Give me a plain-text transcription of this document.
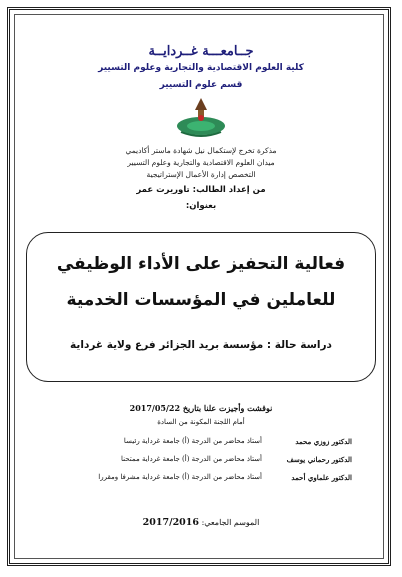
جــامعـــة غــردايــة
كلية العلوم الاقتصادية والتجارية وعلوم التسيير
قسم علوم التسيير
مذكرة تخرج لإستكمال نيل شهادة ماستر أكاديمي
ميدان العلوم الاقتصادية والتجارية وعلوم التسيير
التخصص إدارة الأعمال الإستراتيجية
من إعداد الطالب: تاوريرت عمر
بعنوان:
فعالية التحفيز على الأداء الوظيفي
للعاملين في المؤسسات الخدمية
دراسة حالة : مؤسسة بريد الجزائر فرع ولاية غرداية
نوقشت وأجيزت علنا بتاريخ 2017/05/22
أمام اللجنة المكونة من السادة
الدكتور زوزي محمد
أستاذ محاضر من الدرجة (أ) جامعة غرداية رئيسا
الدكتور رحماني يوسف
أستاذ محاضر من الدرجة (أ) جامعة غرداية ممتحنا
الدكتور علماوي أحمد
أستاذ محاضر من الدرجة (أ) جامعة غرداية مشرفا ومقررا
الموسم الجامعي: 2017/2016
